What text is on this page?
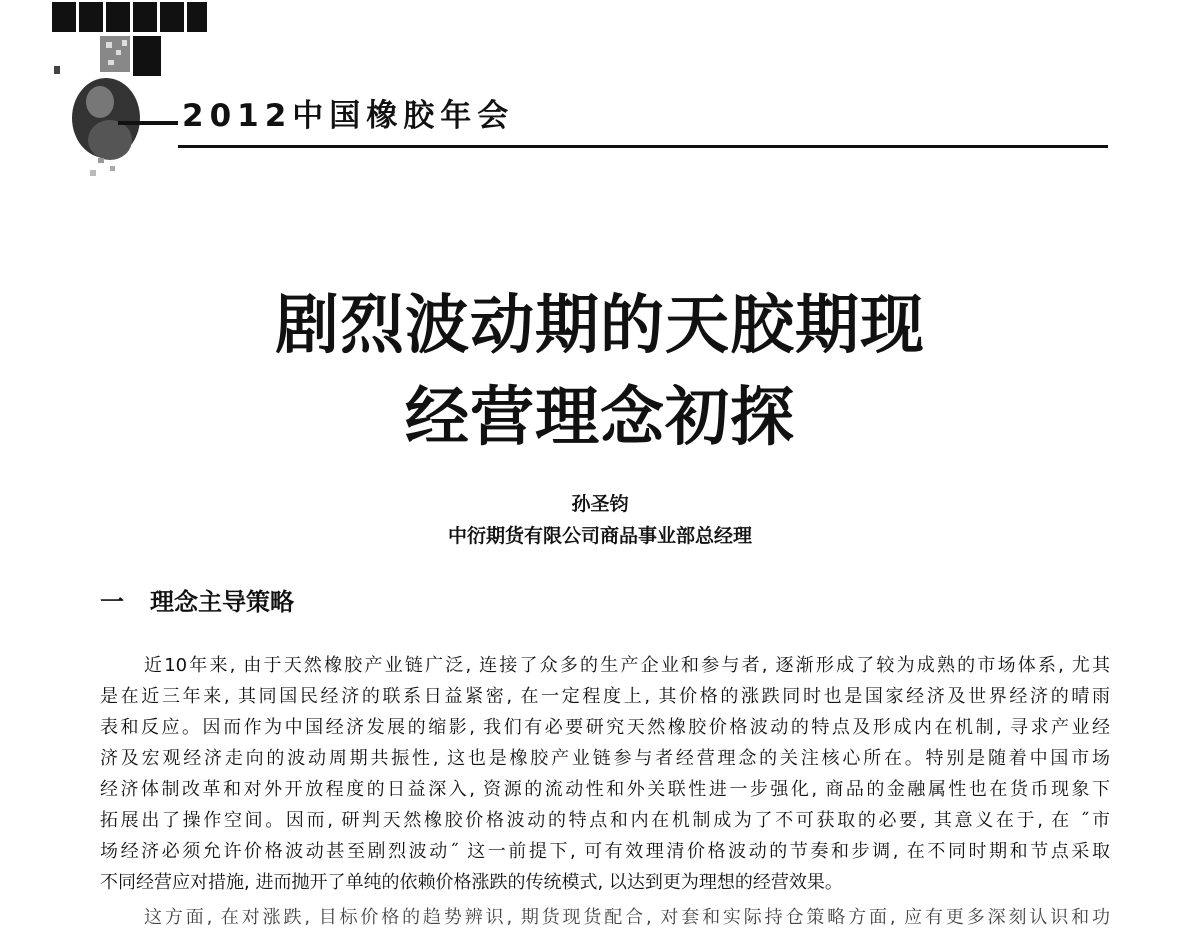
2012中国橡胶年会
剧烈波动期的天胶期现
经营理念初探

孙圣钧

中衍期货有限公司商品事业部总经理

一 理念主导策略
近10年来, 由于天然橡胶产业链广泛, 连接了众多的生产企业和参与者, 逐渐形成了较为成熟的市场体系, 尤其
是在近三年来, 其同国民经济的联系日益紧密, 在一定程度上, 其价格的涨跌同时也是国家经济及世界经济的晴雨
表和反应。因而作为中国经济发展的缩影, 我们有必要研究天然橡胶价格波动的特点及形成内在机制, 寻求产业经
济及宏观经济走向的波动周期共振性, 这也是橡胶产业链参与者经营理念的关注核心所在。特别是随着中国市场
经济体制改革和对外开放程度的日益深入, 资源的流动性和外关联性进一步强化, 商品的金融属性也在货币现象下
拓展出了操作空间。因而, 研判天然橡胶价格波动的特点和内在机制成为了不可获取的必要, 其意义在于, 在 ˝市
场经济必须允许价格波动甚至剧烈波动˝ 这一前提下, 可有效理清价格波动的节奏和步调, 在不同时期和节点采取
不同经营应对措施, 进而抛开了单纯的依赖价格涨跌的传统模式, 以达到更为理想的经营效果。
这方面, 在对涨跌, 目标价格的趋势辨识, 期货现货配合, 对套和实际持仓策略方面, 应有更多深刻认识和功
